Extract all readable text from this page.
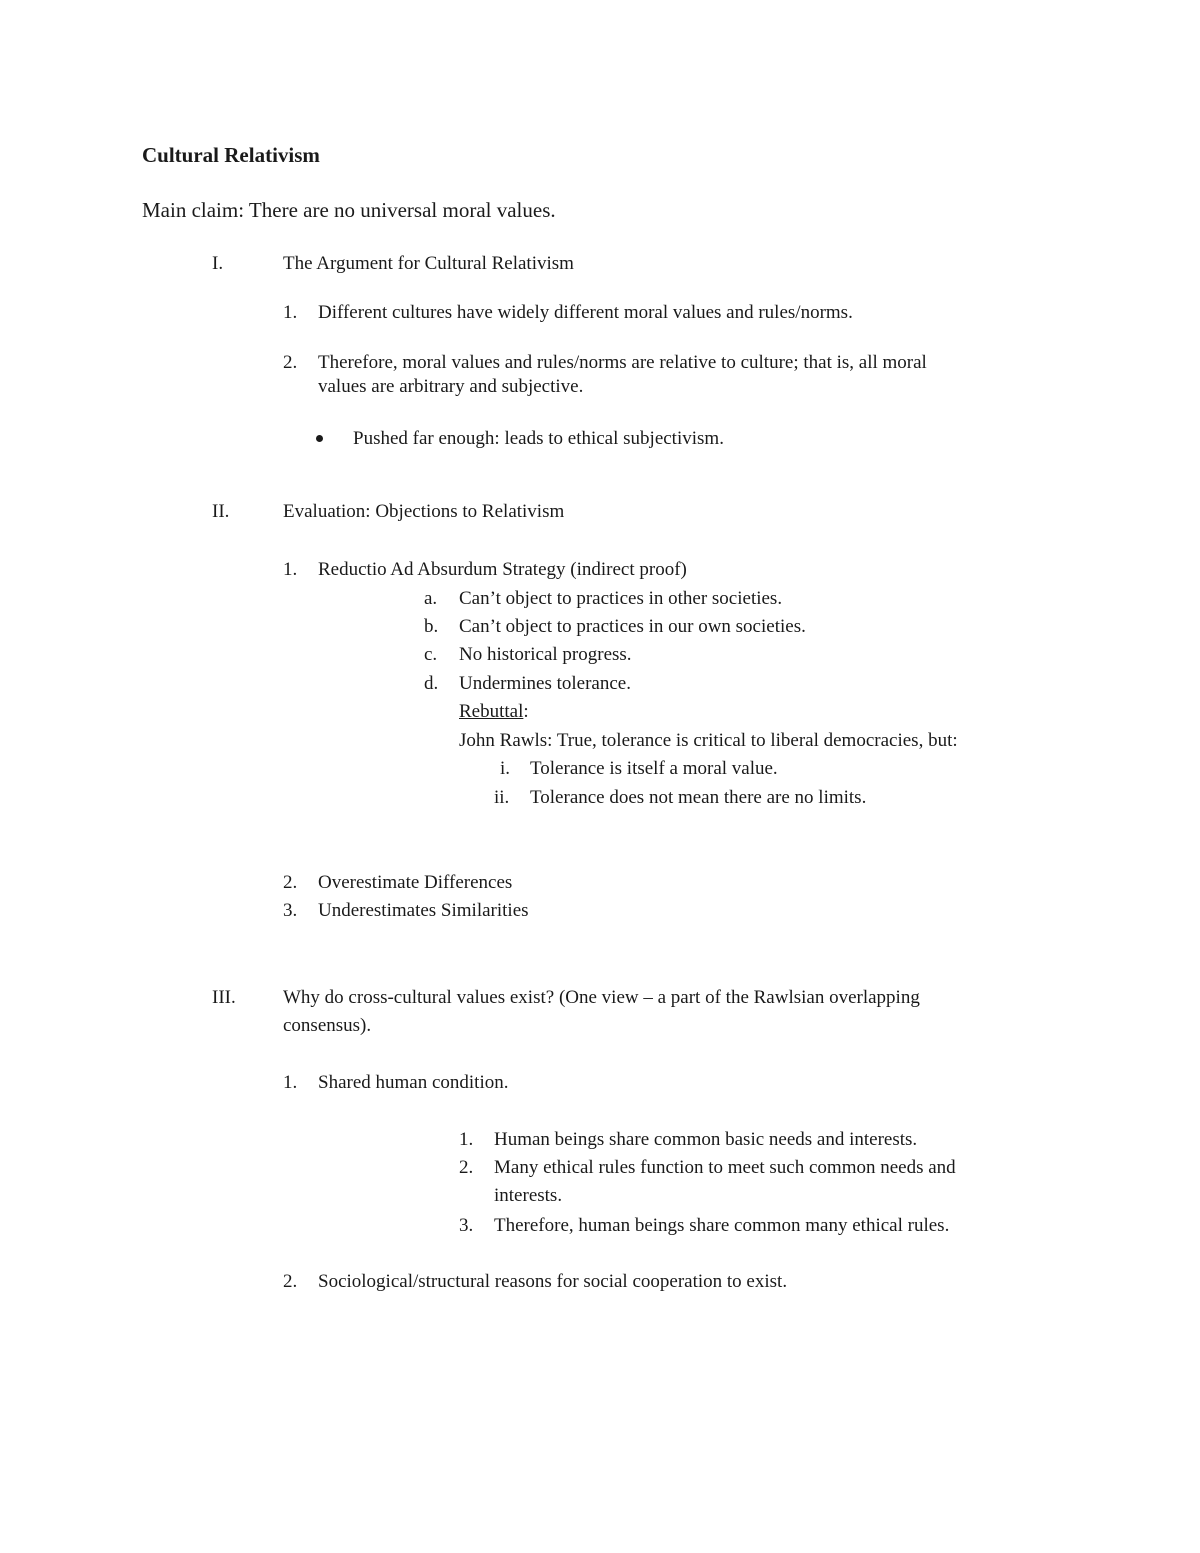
Cultural Relativism
Main claim: There are no universal moral values.
I.	The Argument for Cultural Relativism
1. Different cultures have widely different moral values and rules/norms.
2. Therefore, moral values and rules/norms are relative to culture; that is, all moral
values are arbitrary and subjective.
Pushed far enough: leads to ethical subjectivism.
II.	Evaluation: Objections to Relativism
1. Reductio Ad Absurdum Strategy (indirect proof)
a. Can’t object to practices in other societies.
b. Can’t object to practices in our own societies.
c. No historical progress.
d. Undermines tolerance.
Rebuttal:
John Rawls: True, tolerance is critical to liberal democracies, but:
i. Tolerance is itself a moral value.
ii. Tolerance does not mean there are no limits.
2. Overestimate Differences
3. Underestimates Similarities
III. Why do cross-cultural values exist? (One view – a part of the Rawlsian overlapping
consensus).
1. Shared human condition.
1. Human beings share common basic needs and interests.
2. Many ethical rules function to meet such common needs and
interests.
3. Therefore, human beings share common many ethical rules.
2. Sociological/structural reasons for social cooperation to exist.
